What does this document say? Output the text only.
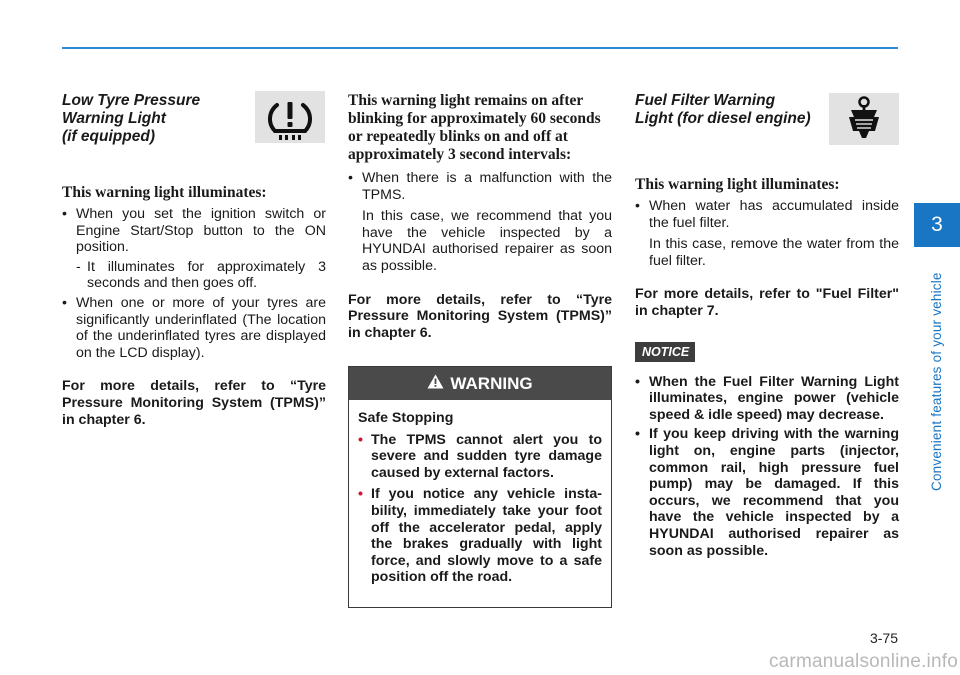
Low Tyre Pressure
Warning Light
(if equipped)
This warning light illuminates:
• When you set the ignition switch or Engine Start/Stop button to the ON position.
- It illuminates for approximately 3 seconds and then goes off.
• When one or more of your tyres are significantly underinflated (The location of the underinflated tyres are displayed on the LCD display).
For more details, refer to “Tyre Pressure Monitoring System (TPMS)” in chapter 6.
This warning light remains on after blinking for approximately 60 seconds or repeatedly blinks on and off at approximately 3 second intervals:
• When there is a malfunction with the TPMS.
In this case, we recommend that you have the vehicle inspected by a HYUNDAI authorised repairer as soon as possible.
For more details, refer to “Tyre Pressure Monitoring System (TPMS)” in chapter 6.
WARNING
Safe Stopping
• The TPMS cannot alert you to severe and sudden tyre damage caused by external factors.
• If you notice any vehicle instability, immediately take your foot off the accelerator pedal, apply the brakes gradually with light force, and slowly move to a safe position off the road.
Fuel Filter Warning
Light (for diesel engine)
This warning light illuminates:
• When water has accumulated inside the fuel filter.
In this case, remove the water from the fuel filter.
For more details, refer to "Fuel Filter" in chapter 7.
NOTICE
• When the Fuel Filter Warning Light illuminates, engine power (vehicle speed & idle speed) may decrease.
• If you keep driving with the warning light on, engine parts (injector, common rail, high pressure fuel pump) may be damaged. If this occurs, we recommend that you have the vehicle inspected by a HYUNDAI authorised repairer as soon as possible.
3
Convenient features of your vehicle
3-75
carmanualsonline.info
